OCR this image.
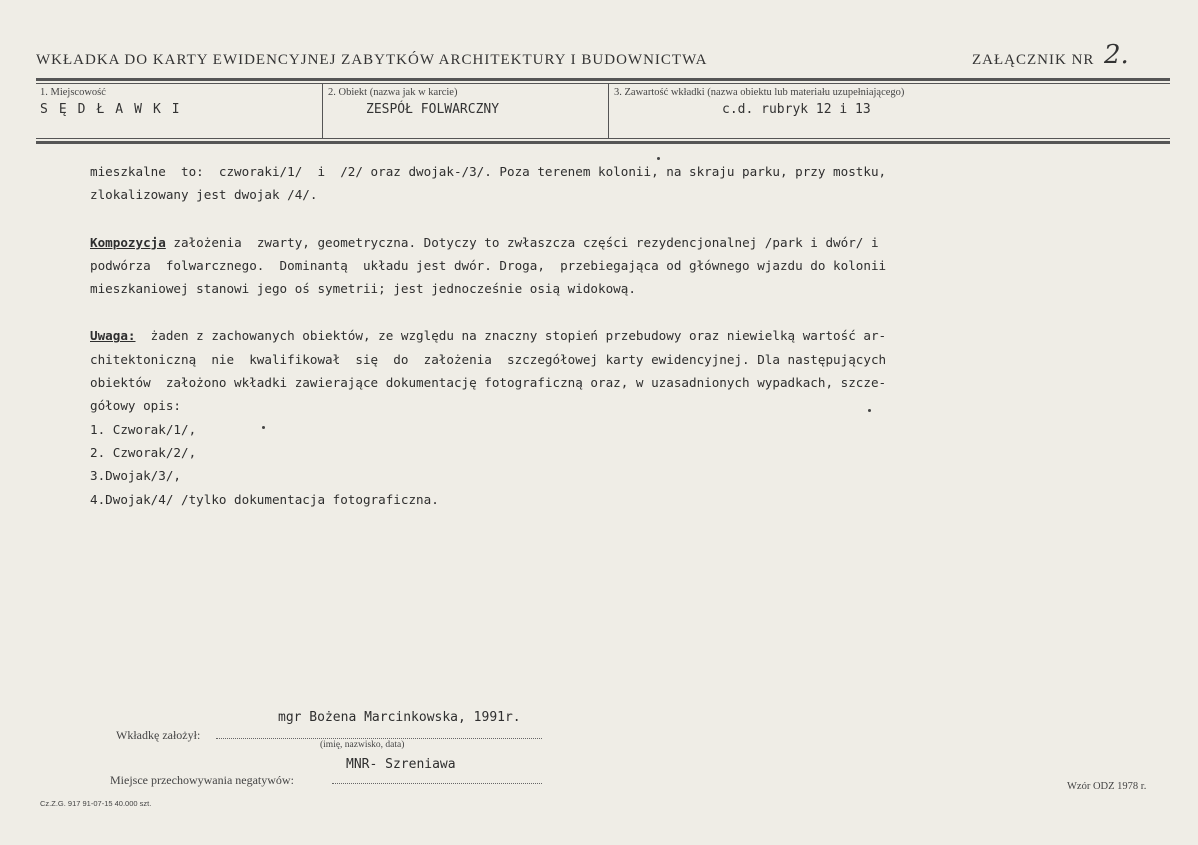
WKŁADKA DO KARTY EWIDENCYJNEJ ZABYTKÓW ARCHITEKTURY I BUDOWNICTWA	ZAŁĄCZNIK NR 2.
1. Miejscowość
SĘDŁAWKI
2. Obiekt (nazwa jak w karcie)
ZESPÓŁ FOLWARCZNY
3. Zawartość wkładki (nazwa obiektu lub materiału uzupełniającego)
c.d. rubryk 12 i 13
mieszkalne  to:  czworaki/1/  i  /2/ oraz dwojak-/3/. Poza terenem kolonii, na skraju parku, przy mostku,
zlokalizowany jest dwojak /4/.
Kompozycja założenia  zwarty, geometryczna. Dotyczy to zwłaszcza części rezydencjonalnej /park i dwór/ i
podwórza  folwarcznego.  Dominantą  układu jest dwór. Droga,  przebiegająca od głównego wjazdu do kolonii
mieszkaniowej stanowi jego oś symetrii; jest jednocześnie osią widokową.
Uwaga:  żaden z zachowanych obiektów, ze względu na znaczny stopień przebudowy oraz niewielką wartość ar-
chitektoniczną  nie  kwalifikował  się  do  założenia  szczegółowej karty ewidencyjnej. Dla następujących
obiektów  założono wkładki zawierające dokumentację fotograficzną oraz, w uzasadnionych wypadkach, szcze-
gółowy opis:
1. Czworak/1/,
2. Czworak/2/,
3.Dwojak/3/,
4.Dwojak/4/ /tylko dokumentacja fotograficzna.
mgr Bożena Marcinkowska, 1991r.
Wkładkę założył:
(imię, nazwisko, data)
MNR- Szreniawa
Miejsce przechowywania negatywów:
Cz.Z.G. 917 91-07-15 40.000 szt.
Wzór ODZ 1978 r.
